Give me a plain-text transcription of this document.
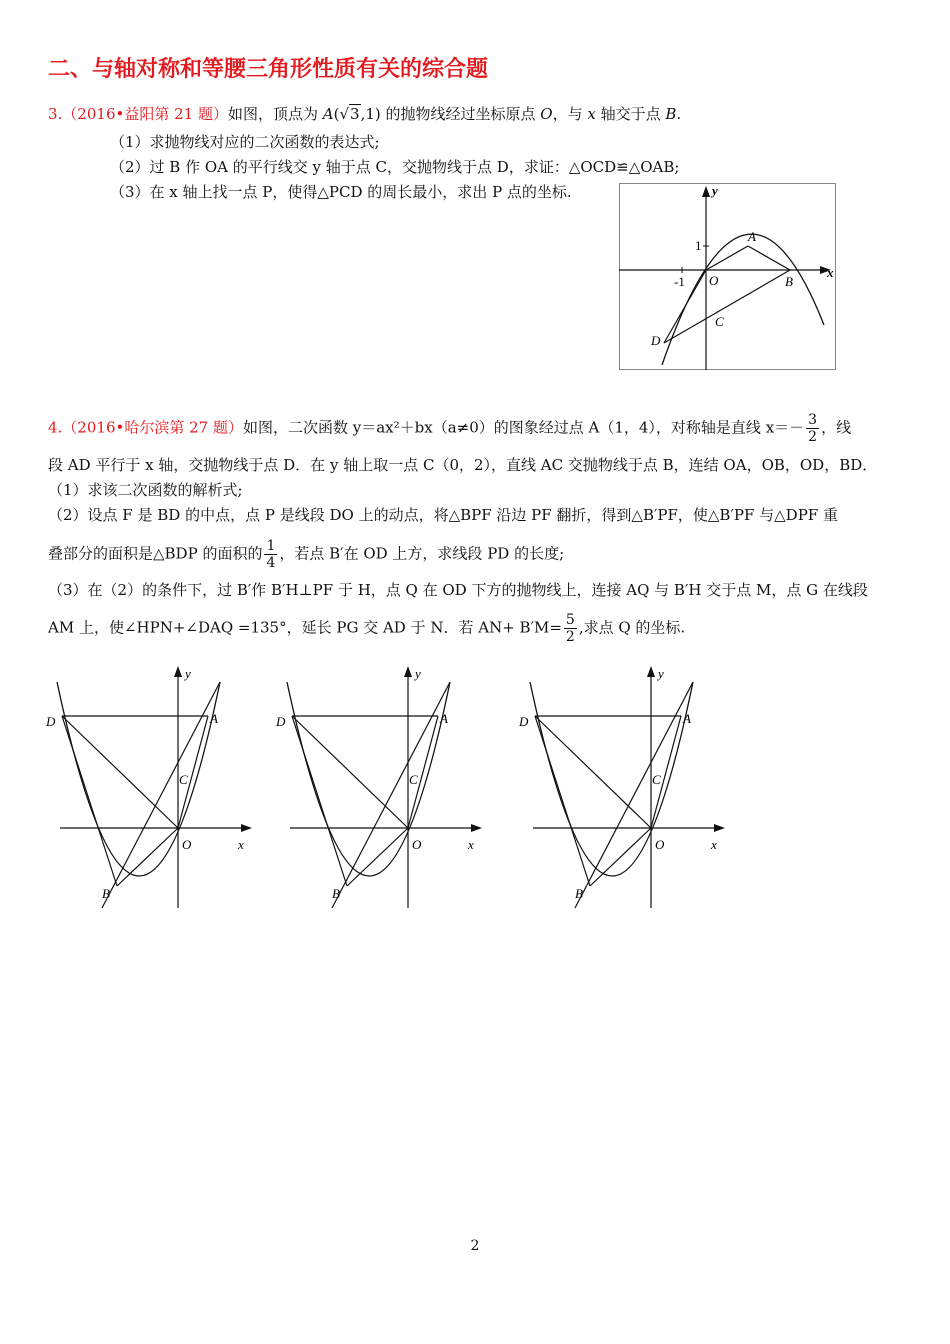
二、与轴对称和等腰三角形性质有关的综合题
3.（2016•益阳第 21 题）如图，顶点为 A(√3,1) 的抛物线经过坐标原点 O，与 x 轴交于点 B.
（1）求抛物线对应的二次函数的表达式;
（2）过 B 作 OA 的平行线交 y 轴于点 C，交抛物线于点 D，求证：△OCD≌△OAB;
（3）在 x 轴上找一点 P，使得△PCD 的周长最小，求出 P 点的坐标.	y
x
1
-1 O
A
B
C
D
4.（2016•哈尔滨第 27 题）如图，二次函数 y＝ax²＋bx（a≠0）的图象经过点 A（1，4），对称轴是直线 $x=- \frac{3}{2}$ ，线
段 AD 平行于 x 轴，交抛物线于点 D．在 y 轴上取一点 C（0，2），直线 AC 交抛物线于点 B，连结 OA，OB，OD，BD．
（1）求该二次函数的解析式;
（2）设点 F 是 BD 的中点，点 P 是线段 DO 上的动点，将△BPF 沿边 PF 翻折，得到△B′PF，使△B′PF 与△DPF 重
叠部分的面积是△BDP 的面积的 $\frac{1}{4}$ ，若点 B′在 OD 上方，求线段 PD 的长度;
（3）在（2）的条件下，过 B′作 B′H⊥PF 于 H，点 Q 在 OD 下方的抛物线上，连接 AQ 与 B′H 交于点 M，点 G 在线段
AM 上，使∠HPN+∠DAQ =135°，延长 PG 交 AD 于 N．若 $AN+ B'M= \frac{5}{2}$ ,求点 Q 的坐标.
y
x
D	A
C
O
B
y
x
D	A
C
O
B
y
x
D	A
C
O
B
2
